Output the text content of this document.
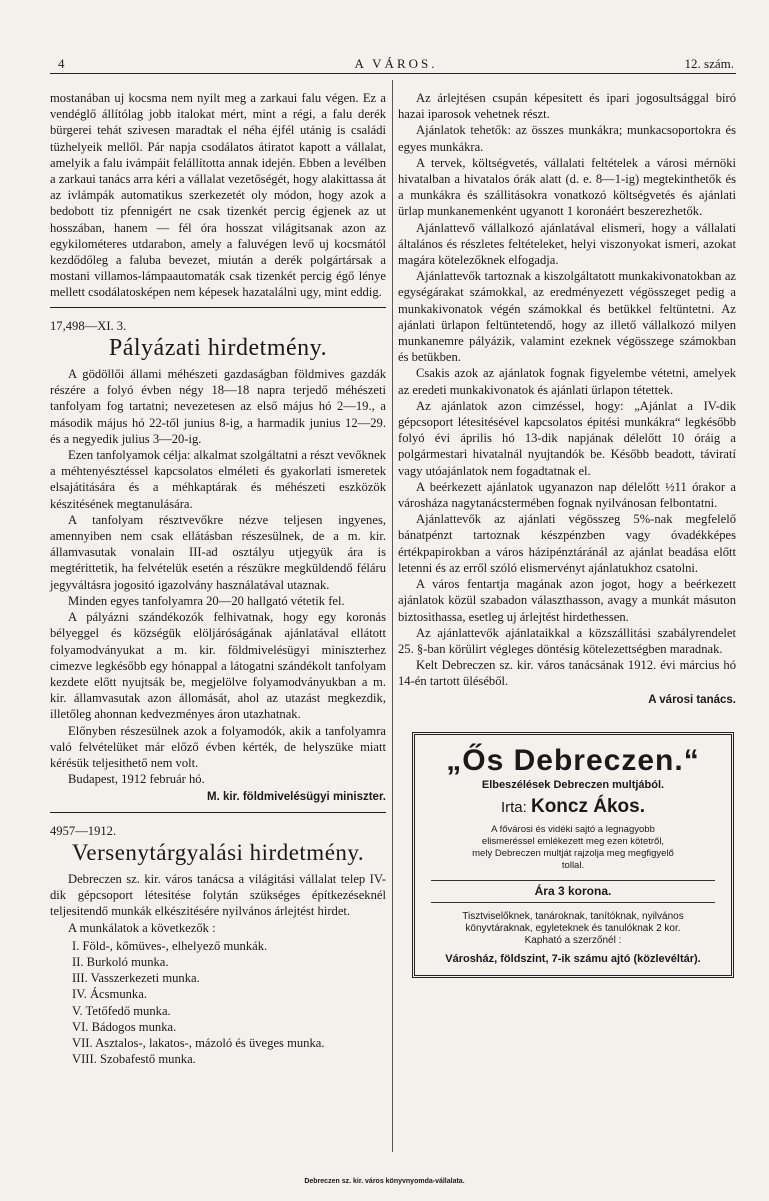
4	A VÁROS.	12. szám.

mostanában uj kocsma nem nyilt meg a zarkaui falu végen. Ez a vendéglő állítólag jobb italokat mért, mint a régi, a falu derék bürgerei tehát szivesen maradtak el néha éjfél utánig is családi tüzhelyeik mellől. Pár napja csodálatos átiratot kapott a vállalat, amelyik a falu ivámpáit felállította annak idején. Ebben a levélben a zarkaui tanács arra kéri a vállalat vezetőségét, hogy alakittassa át az ivlámpák automatikus szerkezetét oly módon, hogy azok a bedobott tiz pfennigért ne csak tizenkét percig égjenek az ut hosszában, hanem — fél óra hosszat világitsanak azon az egykilométeres utdarabon, amely a faluvégen levő uj kocsmától kezdődőleg a faluba bevezet, miután a derék polgártársak a mostani villamos-lámpaautomaták csak tizenkét percig égő lénye mellett csodálatosképen nem képesek hazatalálni ugy, mint eddig.

17,498—XI. 3.

Pályázati hirdetmény.

A gödöllői állami méhészeti gazdaságban földmives gazdák részére a folyó évben négy 18—18 napra terjedő méhészeti tanfolyam fog tartatni; nevezetesen az első május hó 2—19., a második május hó 22-től junius 8-ig, a harmadik junius 12—29. és a negyedik julius 3—20-ig.

Ezen tanfolyamok célja: alkalmat szolgáltatni a részt vevőknek a méhtenyésztéssel kapcsolatos elméleti és gyakorlati ismeretek elsajátitására és a méhkaptárak és méhészeti eszközök készitésének megtanulására.

A tanfolyam résztvevőkre nézve teljesen ingyenes, amennyiben nem csak ellátásban részesülnek, de a m. kir. államvasutak vonalain III-ad osztályu utjegyük ára is megtérittetik, ha felvételük esetén a részükre megküldendő féláru jegyváltásra jogositó igazolvány használatával utaznak.

Minden egyes tanfolyamra 20—20 hallgató vétetik fel.

A pályázni szándékozók felhivatnak, hogy egy koronás bélyeggel és községük elöljáróságának ajánlatával ellátott folyamodványukat a m. kir. földmivelésügyi miniszterhez cimezve legkésőbb egy hónappal a látogatni szándékolt tanfolyam kezdete előtt nyujtsák be, megjelölve folyamodványukban a m. kir. államvasutak azon állomását, ahol az utazást megkezdik, illetőleg ahonnan kedvezményes áron utazhatnak.

Előnyben részesülnek azok a folyamodók, akik a tanfolyamra való felvételüket már előző évben kérték, de helyszüke miatt kérésük teljesithető nem volt.

Budapest, 1912 február hó.

M. kir. földmivelésügyi miniszter.

4957—1912.

Versenytárgyalási hirdetmény.

Debreczen sz. kir. város tanácsa a világitási vállalat telep IV-dik gépcsoport létesitése folytán szükséges építkezéseknél teljesitendő munkák elkészitésére nyilvános árlejtést hirdet.

A munkálatok a következők :

I. Föld-, kőmüves-, elhelyező munkák.
II. Burkoló munka.
III. Vasszerkezeti munka.
IV. Ácsmunka.
V. Tetőfedő munka.
VI. Bádogos munka.
VII. Asztalos-, lakatos-, mázoló és üveges munka.
VIII. Szobafestő munka.

Az árlejtésen csupán képesitett és ipari jogosultsággal biró hazai iparosok vehetnek részt.

Ajánlatok tehetők: az összes munkákra; munkacsoportokra és egyes munkákra.

A tervek, költségvetés, vállalati feltételek a városi mérnöki hivatalban a hivatalos órák alatt (d. e. 8—1-ig) megtekinthetők és a munkákra és szállitásokra vonatkozó költségvetés és ajánlati ürlap munkanemenként ugyanott 1 koronáért beszerezhetők.

Ajánlattevő vállalkozó ajánlatával elismeri, hogy a vállalati általános és részletes feltételeket, helyi viszonyokat ismeri, azokat magára kötelezőknek elfogadja.

Ajánlattevők tartoznak a kiszolgáltatott munkakivonatokban az egységárakat számokkal, az eredményezett végösszeget pedig a munkakivonatok végén számokkal és betükkel feltüntetni. Az ajánlati ürlapon feltüntetendő, hogy az illető vállalkozó milyen munkanemre pályázik, valamint ezeknek végösszege számokban és betükben.

Csakis azok az ajánlatok fognak figyelembe vétetni, amelyek az eredeti munkakivonatok és ajánlati ürlapon tétettek.

Az ajánlatok azon cimzéssel, hogy: „Ajánlat a IV-dik gépcsoport létesitésével kapcsolatos épitési munkákra“ legkésőbb folyó évi április hó 13-dik napjának délelőtt 10 óráig a polgármestari hivatalnál nyujtandók be. Később beadott, táviratí vagy utóajánlatok nem fogadtatnak el.

A beérkezett ajánlatok ugyanazon nap délelőtt ½11 órakor a városháza nagytanácstermében fognak nyilvánosan felbontatni.

Ajánlattevők az ajánlati végösszeg 5%-nak megfelelő bánatpénzt tartoznak készpénzben vagy óvadékképes értékpapirokban a város házipénztáránál az ajánlat beadása előtt letenni és az erről szóló elismervényt ajánlatukhoz csatolni.

A város fentartja magának azon jogot, hogy a beérkezett ajánlatok közül szabadon választhasson, avagy a munkát másuton biztosithassa, esetleg uj árlejtést hirdethessen.

Az ajánlattevők ajánlataikkal a közszállitási szabályrendelet 25. §-ban körülirt végleges döntésig kötelezettségben maradnak.

Kelt Debreczen sz. kir. város tanácsának 1912. évi március hó 14-én tartott üléséből.

A városi tanács.
„Ős Debreczen.“
Elbeszélések Debreczen multjából.
Irta: Koncz Ákos.
A fővárosi és vidéki sajtó a legnagyobb elismeréssel emlékezett meg ezen kötetről, mely Debreczen multját rajzolja meg megfigyelő tollal.
Ára 3 korona.
Tisztviselőknek, tanároknak, tanítóknak, nyilvános könyvtáraknak, egyleteknek és tanulóknak 2 kor.
Kapható a szerzőnél :
Városház, földszint, 7-ik számu ajtó (közlevéltár).
Debreczen sz. kir. város könyvnyomda-vállalata.
